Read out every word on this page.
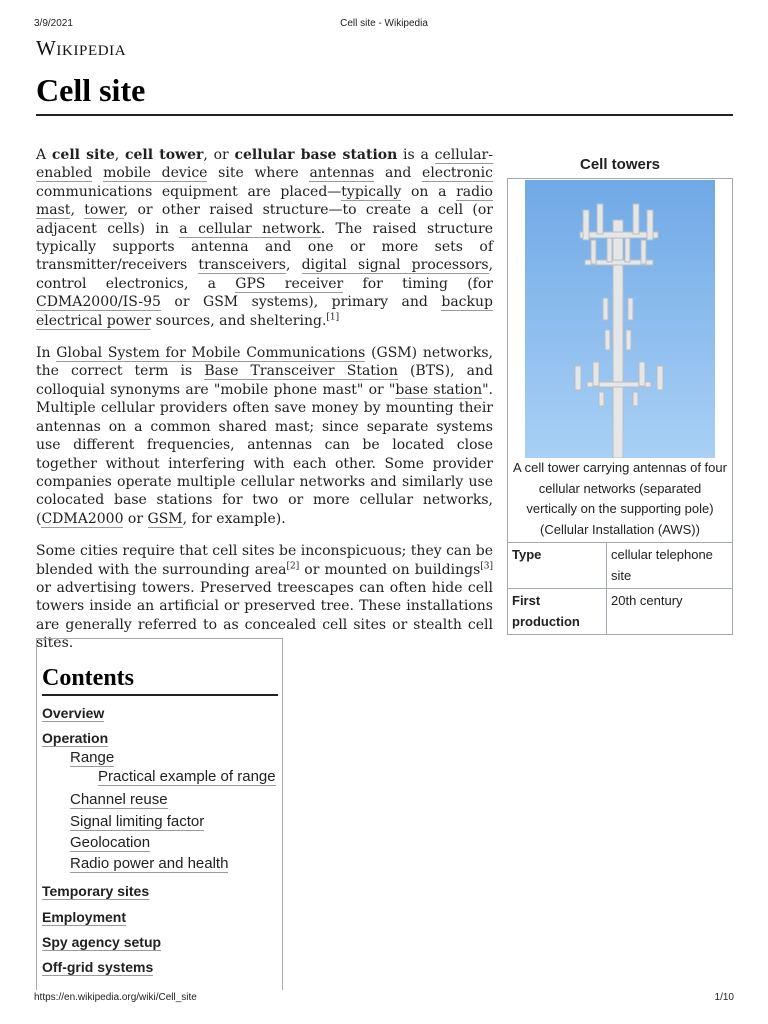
3/9/2021	Cell site - Wikipedia
Wikipedia
Cell site

A cell site, cell tower, or cellular base station is a cellular-enabled mobile device site where antennas and electronic communications equipment are placed—typically on a radio mast, tower, or other raised structure—to create a cell (or adjacent cells) in a cellular network. The raised structure typically supports antenna and one or more sets of transmitter/receivers transceivers, digital signal processors, control electronics, a GPS receiver for timing (for CDMA2000/IS-95 or GSM systems), primary and backup electrical power sources, and sheltering.[1]

In Global System for Mobile Communications (GSM) networks, the correct term is Base Transceiver Station (BTS), and colloquial synonyms are "mobile phone mast" or "base station". Multiple cellular providers often save money by mounting their antennas on a common shared mast; since separate systems use different frequencies, antennas can be located close together without interfering with each other. Some provider companies operate multiple cellular networks and similarly use colocated base stations for two or more cellular networks, (CDMA2000 or GSM, for example).

Some cities require that cell sites be inconspicuous; they can be blended with the surrounding area[2] or mounted on buildings[3] or advertising towers. Preserved treescapes can often hide cell towers inside an artificial or preserved tree. These installations are generally referred to as concealed cell sites or stealth cell sites.

Cell towers
A cell tower carrying antennas of four cellular networks (separated vertically on the supporting pole) (Cellular Installation (AWS))
Type	cellular telephone site
First production	20th century
Contents
Overview
Operation
Range
Practical example of range
Channel reuse
Signal limiting factor
Geolocation
Radio power and health
Temporary sites
Employment
Spy agency setup
Off-grid systems
https://en.wikipedia.org/wiki/Cell_site	1/10
